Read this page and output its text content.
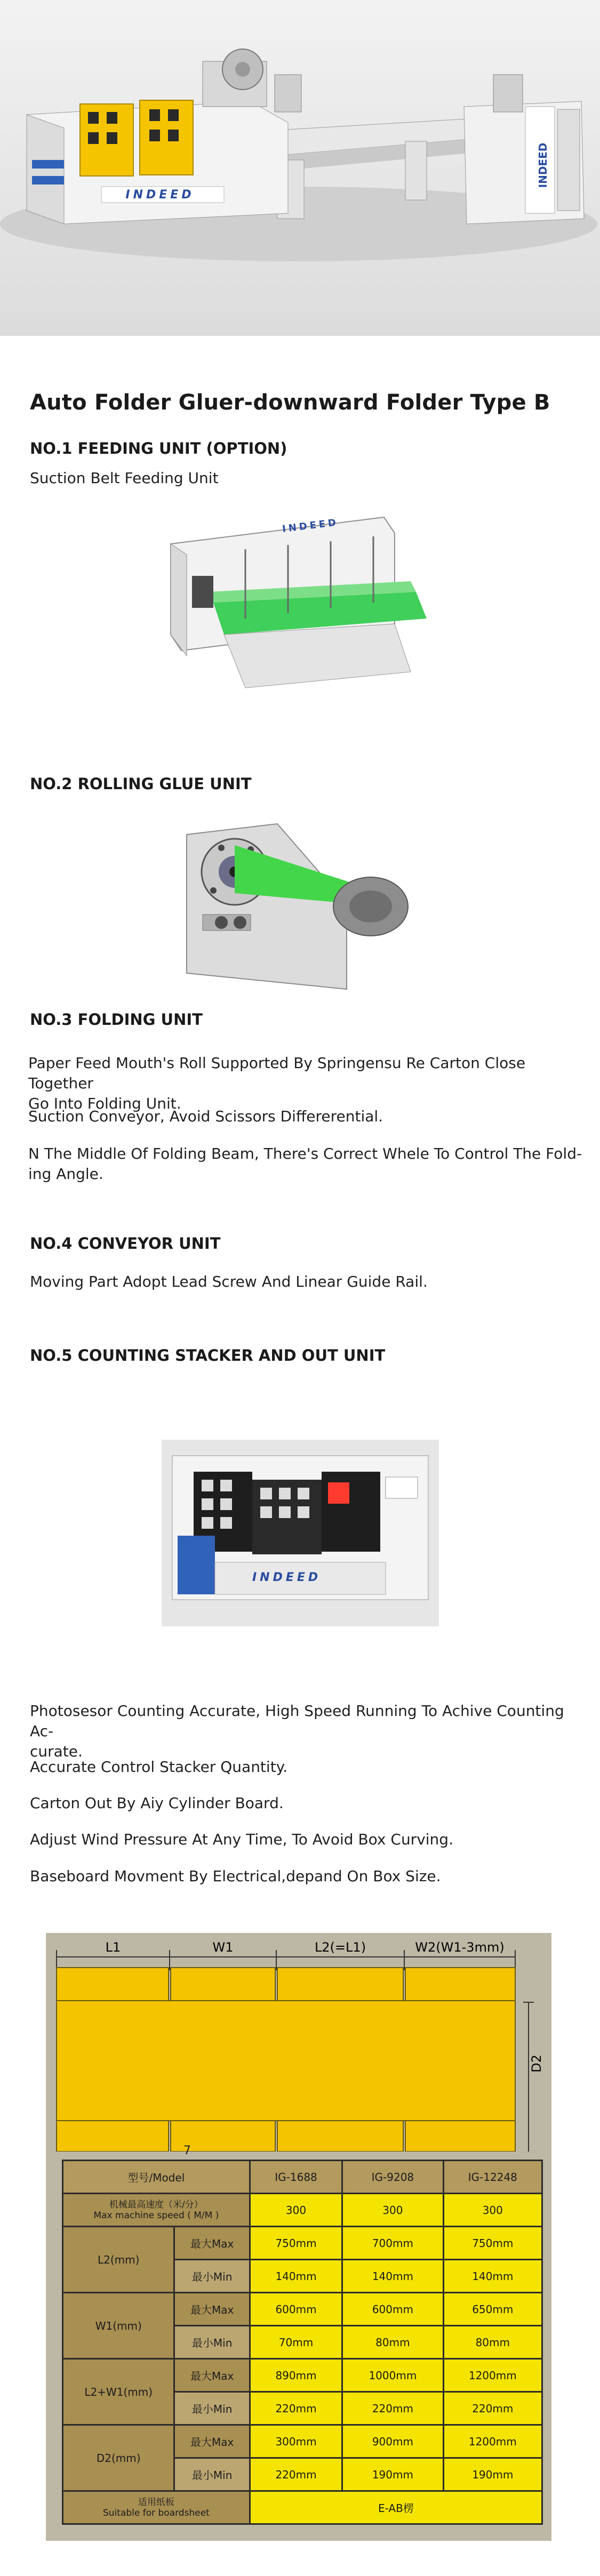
INDEED
INDEED
Auto Folder Gluer-downward Folder Type B
NO.1 FEEDING UNIT (OPTION)
Suction Belt Feeding Unit
INDEED
NO.2 ROLLING GLUE UNIT
NO.3 FOLDING UNIT
Paper Feed Mouth's Roll Supported By Springensu Re Carton Close Together
Go Into Folding Unit.
Suction Conveyor, Avoid Scissors Differerential.
N The Middle Of Folding Beam, There's Correct Whele To Control The Fold-
ing Angle.
NO.4 CONVEYOR UNIT
Moving Part Adopt Lead Screw And Linear Guide Rail.
NO.5 COUNTING STACKER AND OUT UNIT
INDEED
Photosesor Counting Accurate, High Speed Running To Achive Counting Ac-
curate.
Accurate Control Stacker Quantity.
Carton Out By Aiy Cylinder Board.
Adjust Wind Pressure At Any Time, To Avoid Box Curving.
Baseboard Movment By Electrical,depand On Box Size.
L1	W1	L2(=L1)	W2(W1-3mm)
D2
7
型号/Model		IG-1688	IG-9208	IG-12248

机械最高速度（米/分）
Max machine speed ( M/M )		300	300	300
L2(mm)	最大Max	750mm	700mm	750mm
	最小Min	140mm	140mm	140mm
W1(mm)	最大Max	600mm	600mm	650mm
	最小Min	70mm	80mm	80mm
L2+W1(mm)	最大Max	890mm	1000mm	1200mm
	最小Min	220mm	220mm	220mm
D2(mm)	最大Max	300mm	900mm	1200mm
	最小Min	220mm	190mm	190mm

适用纸板
Suitable for boardsheet		E-AB楞		
